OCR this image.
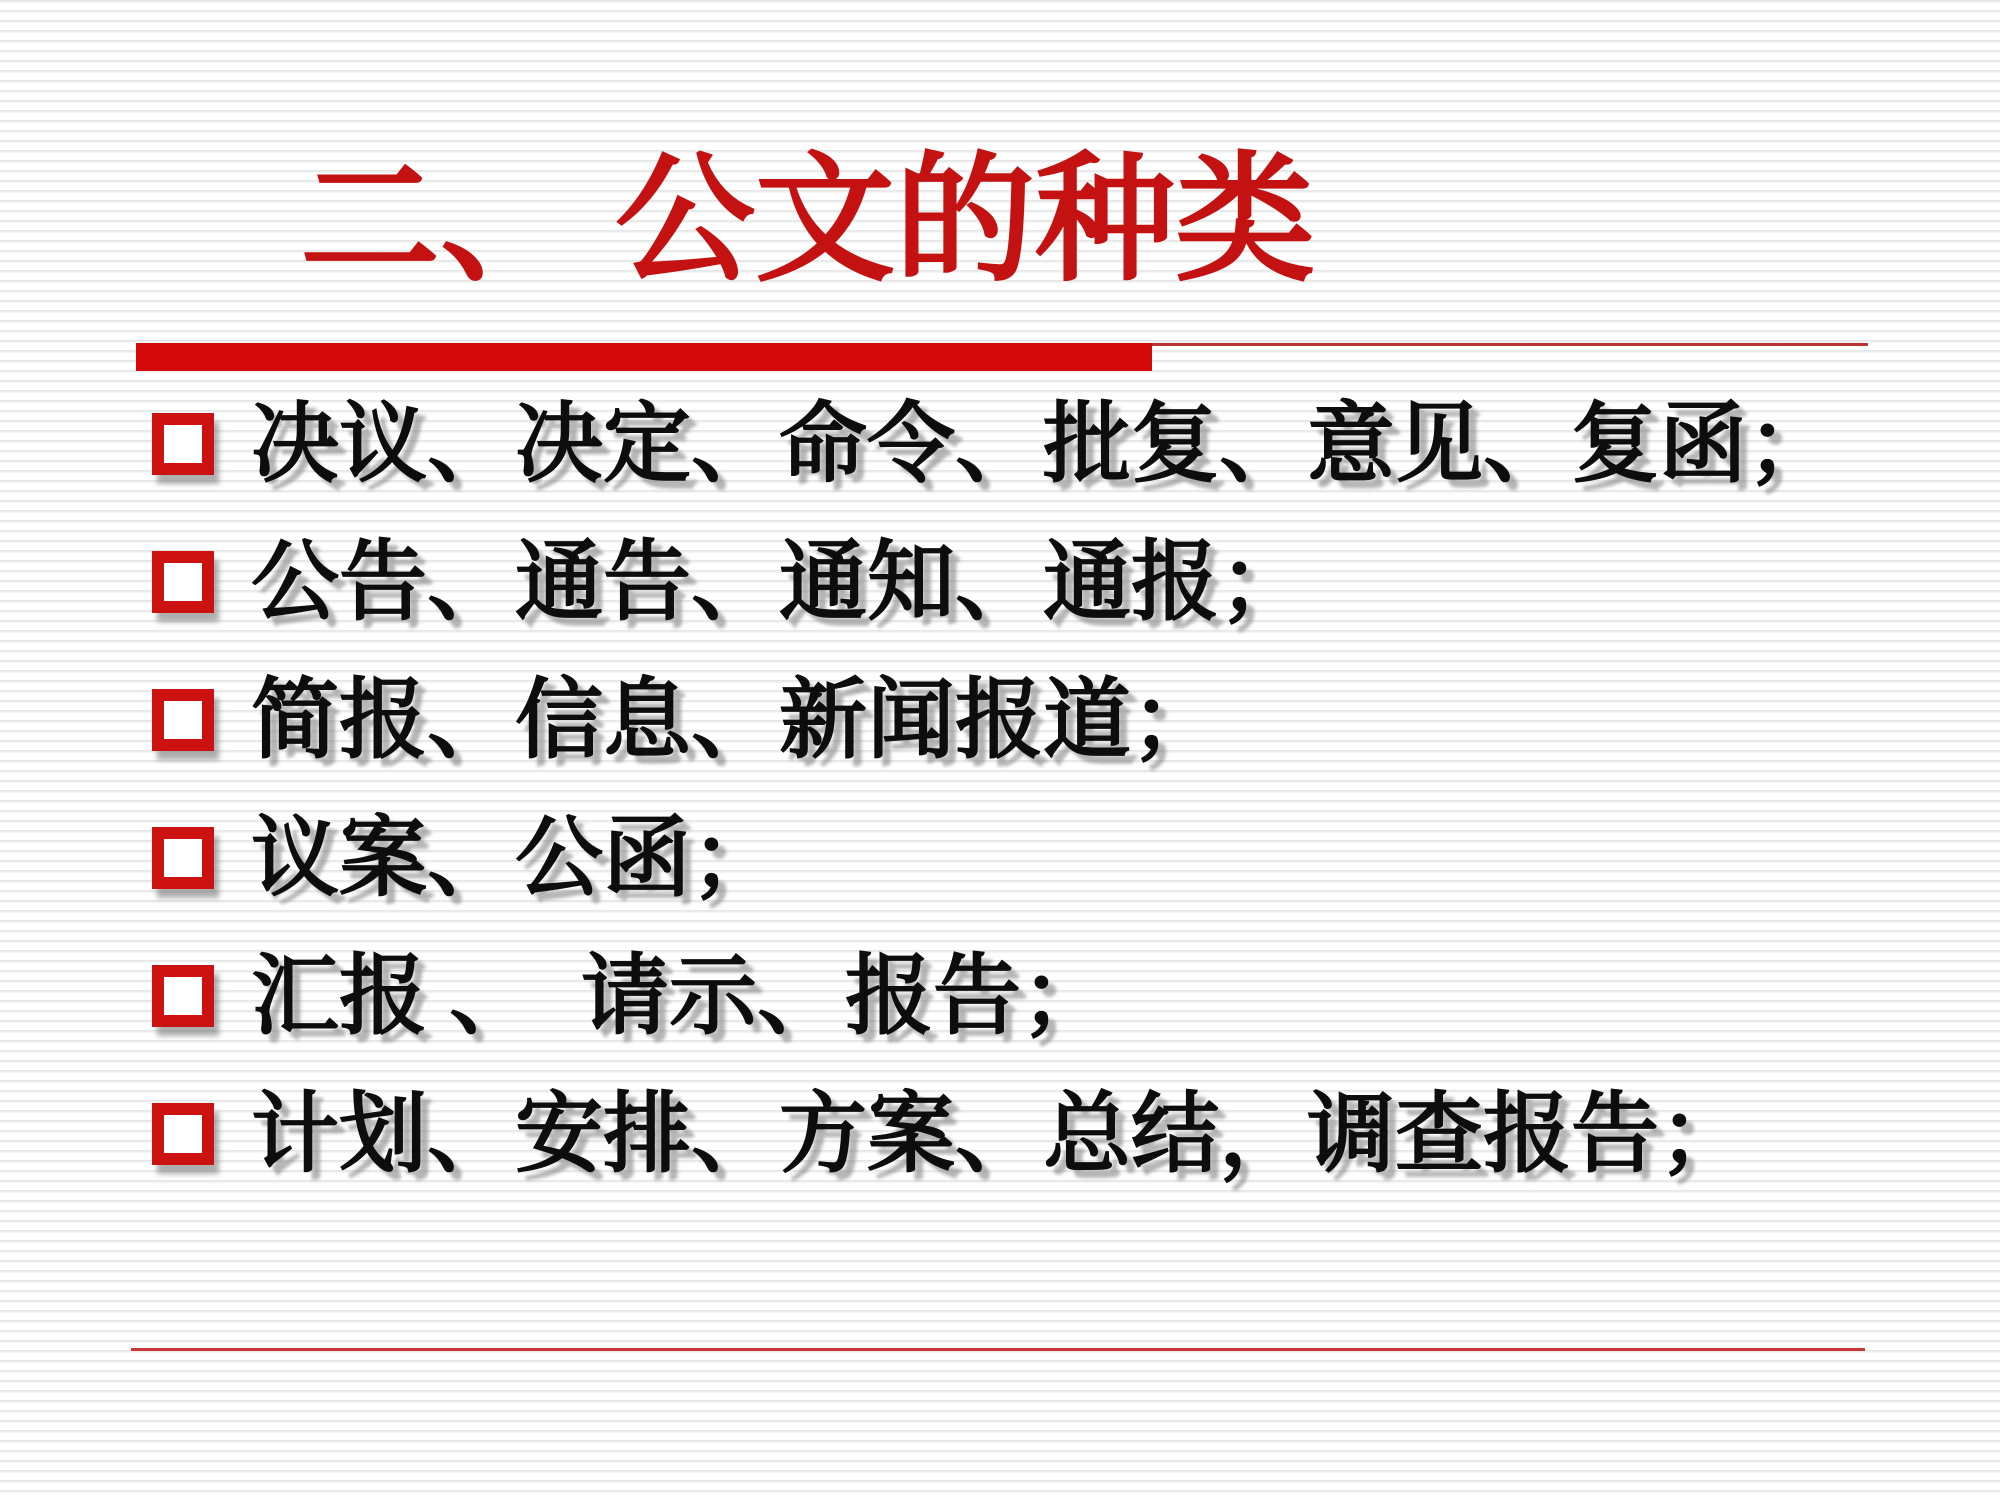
二、 公文的种类
决议、决定、命令、批复、意见、复函；
公告、通告、通知、通报；
简报、信息、新闻报道；
议案、公函；
汇报 、  请示、报告；
计划、安排、方案、总结，调查报告；
